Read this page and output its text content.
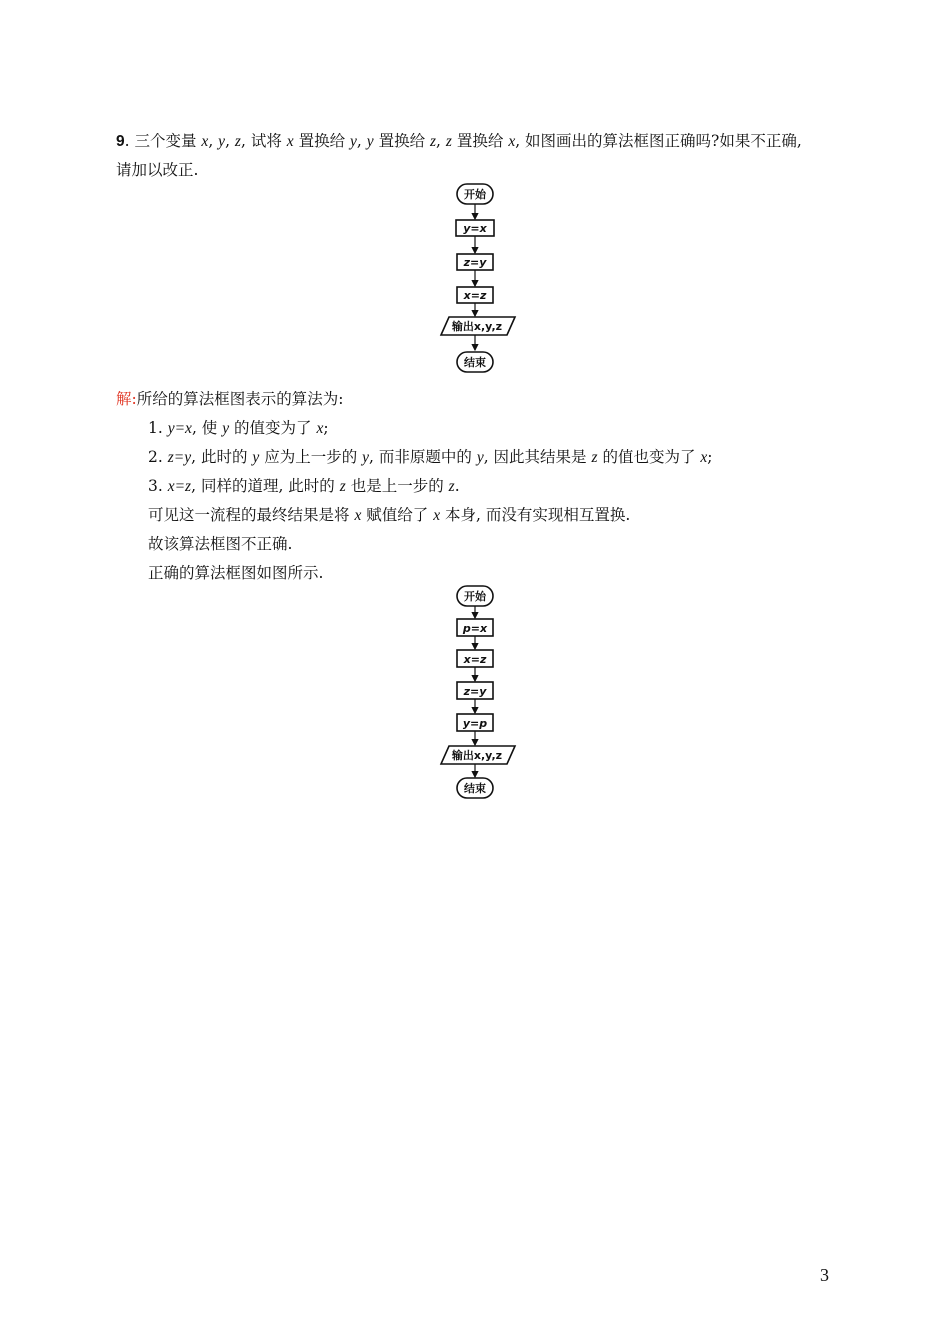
9. 三个变量 x, y, z, 试将 x 置换给 y, y 置换给 z, z 置换给 x, 如图画出的算法框图正确吗?如果不正确,
请加以改正.
开始
y=x
z=y
x=z
输出x,y,z
结束
解:所给的算法框图表示的算法为:
1. y=x, 使 y 的值变为了 x;
2. z=y, 此时的 y 应为上一步的 y, 而非原题中的 y, 因此其结果是 z 的值也变为了 x;
3. x=z, 同样的道理, 此时的 z 也是上一步的 z.
可见这一流程的最终结果是将 x 赋值给了 x 本身, 而没有实现相互置换.
故该算法框图不正确.
正确的算法框图如图所示.
开始
p=x
x=z
z=y
y=p
输出x,y,z
结束
3
